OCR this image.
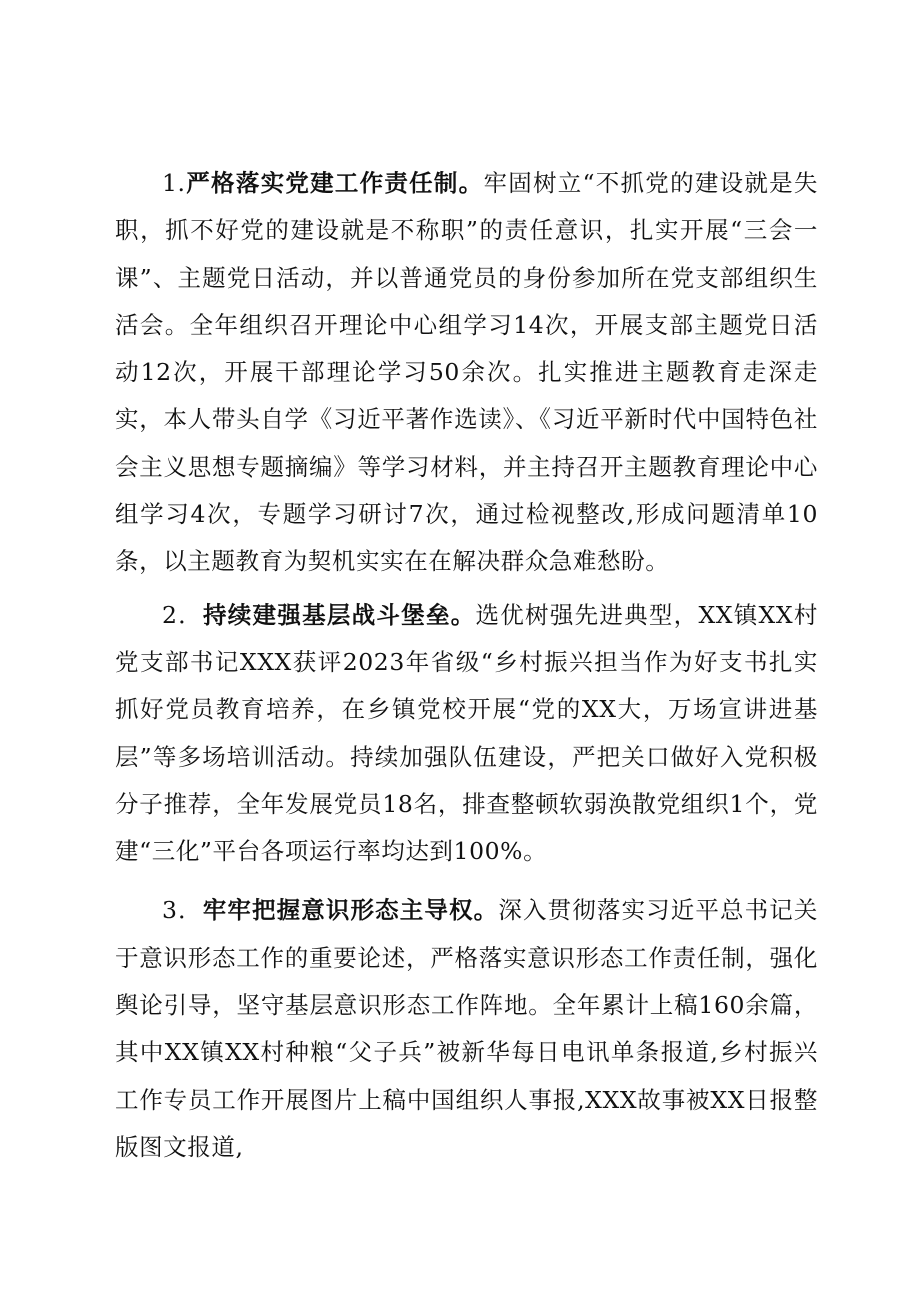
1.严格落实党建工作责任制。牢固树立“不抓党的建设就是失职，抓不好党的建设就是不称职”的责任意识，扎实开展“三会一课”、主题党日活动，并以普通党员的身份参加所在党支部组织生活会。全年组织召开理论中心组学习14次，开展支部主题党日活动12次，开展干部理论学习50余次。扎实推进主题教育走深走实，本人带头自学《习近平著作选读》、《习近平新时代中国特色社会主义思想专题摘编》等学习材料，并主持召开主题教育理论中心组学习4次，专题学习研讨7次，通过检视整改,形成问题清单10条，以主题教育为契机实实在在解决群众急难愁盼。

2．持续建强基层战斗堡垒。选优树强先进典型，XX镇XX村党支部书记XXX获评2023年省级“乡村振兴担当作为好支书扎实抓好党员教育培养，在乡镇党校开展“党的XX大，万场宣讲进基层”等多场培训活动。持续加强队伍建设，严把关口做好入党积极分子推荐，全年发展党员18名，排查整顿软弱涣散党组织1个，党建“三化”平台各项运行率均达到100%。

3．牢牢把握意识形态主导权。深入贯彻落实习近平总书记关于意识形态工作的重要论述，严格落实意识形态工作责任制，强化舆论引导，坚守基层意识形态工作阵地。全年累计上稿160余篇，其中XX镇XX村种粮“父子兵”被新华每日电讯单条报道,乡村振兴工作专员工作开展图片上稿中国组织人事报,XXX故事被XX日报整版图文报道,
